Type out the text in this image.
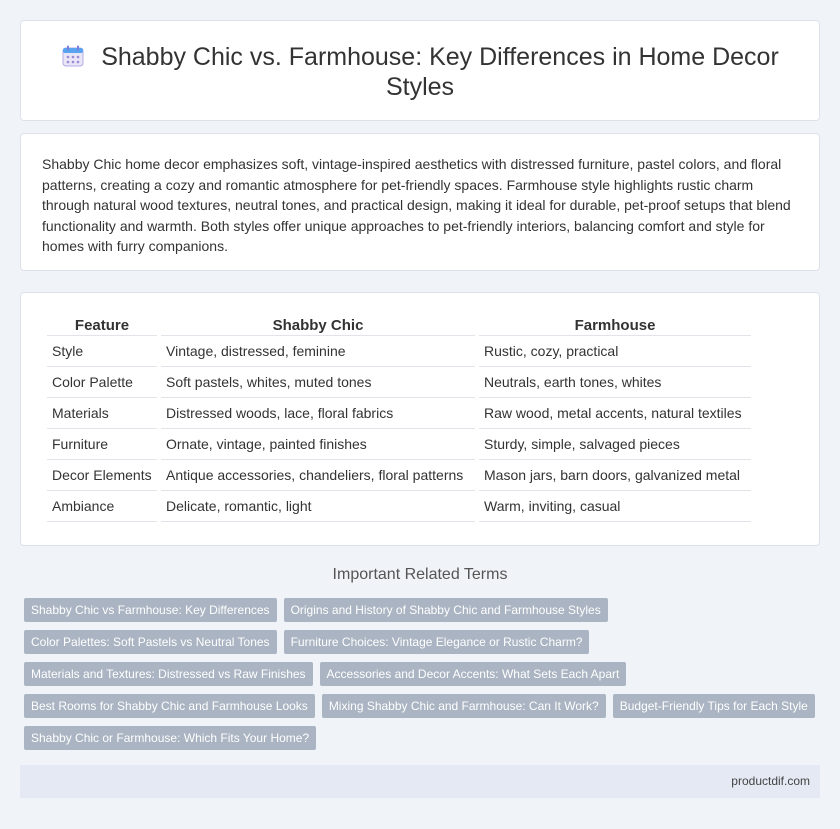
Shabby Chic vs. Farmhouse: Key Differences in Home Decor
Styles

Shabby Chic home decor emphasizes soft, vintage-inspired aesthetics with distressed furniture, pastel colors, and floral patterns, creating a cozy and romantic atmosphere for pet-friendly spaces. Farmhouse style highlights rustic charm through natural wood textures, neutral tones, and practical design, making it ideal for durable, pet-proof setups that blend functionality and warmth. Both styles offer unique approaches to pet-friendly interiors, balancing comfort and style for homes with furry companions.

Feature	Shabby Chic	Farmhouse
Style	Vintage, distressed, feminine	Rustic, cozy, practical
Color Palette	Soft pastels, whites, muted tones	Neutrals, earth tones, whites
Materials	Distressed woods, lace, floral fabrics	Raw wood, metal accents, natural textiles
Furniture	Ornate, vintage, painted finishes	Sturdy, simple, salvaged pieces
Decor Elements	Antique accessories, chandeliers, floral patterns	Mason jars, barn doors, galvanized metal
Ambiance	Delicate, romantic, light	Warm, inviting, casual
Important Related Terms
Shabby Chic vs Farmhouse: Key Differences Origins and History of Shabby Chic and Farmhouse Styles
Color Palettes: Soft Pastels vs Neutral Tones Furniture Choices: Vintage Elegance or Rustic Charm?
Materials and Textures: Distressed vs Raw Finishes Accessories and Decor Accents: What Sets Each Apart
Best Rooms for Shabby Chic and Farmhouse Looks Mixing Shabby Chic and Farmhouse: Can It Work? Budget-Friendly Tips for Each Style
Shabby Chic or Farmhouse: Which Fits Your Home?
productdif.com
